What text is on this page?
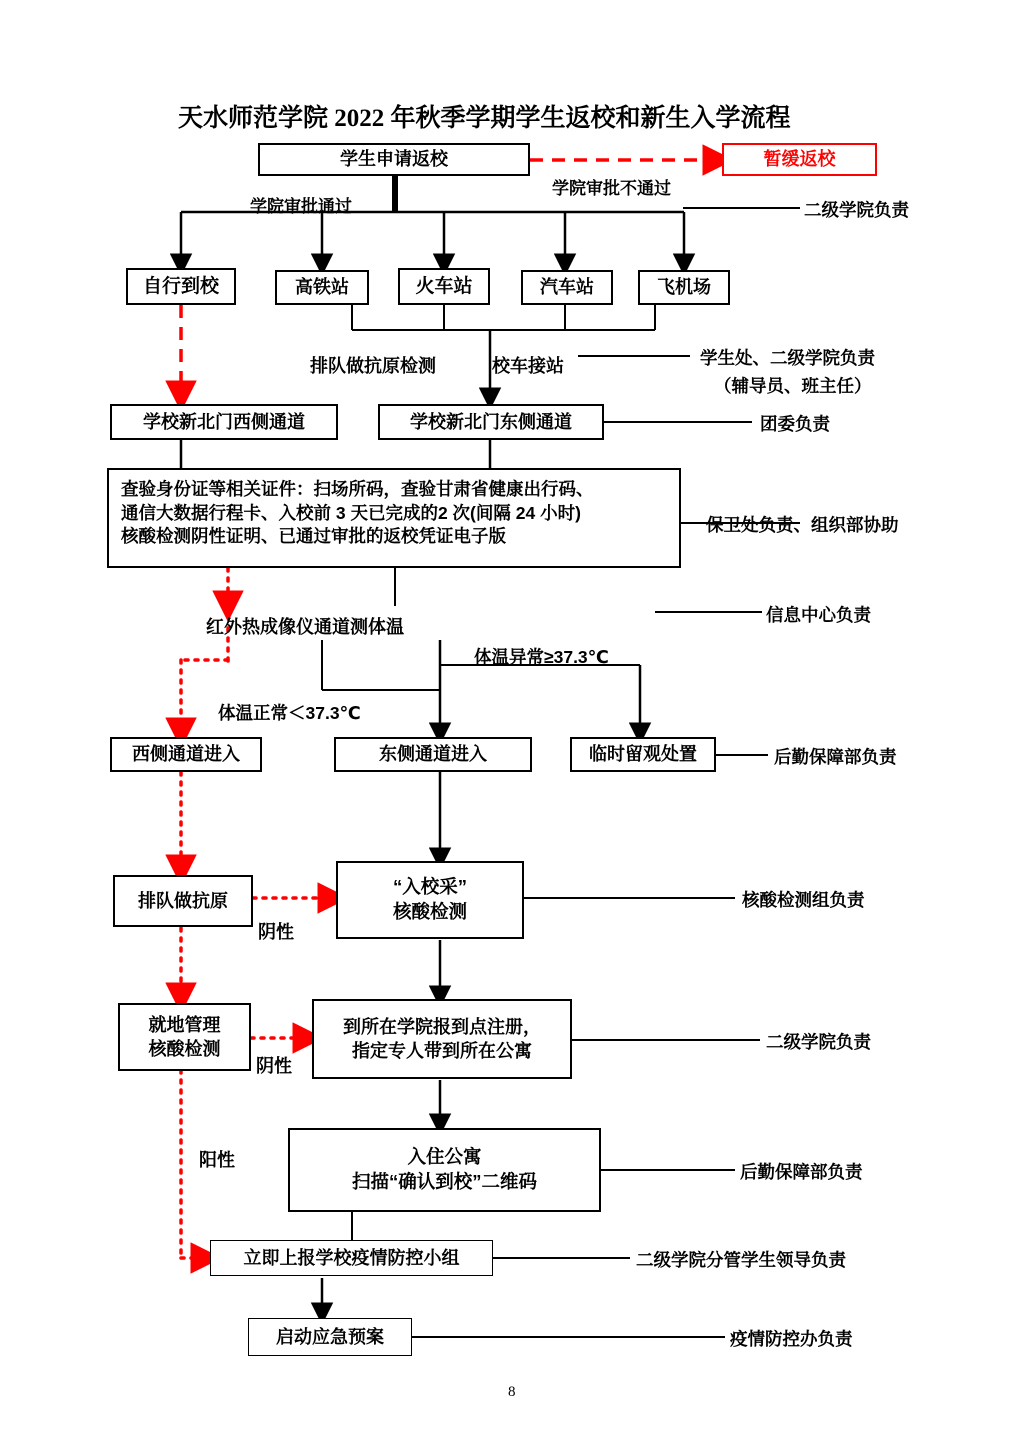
天水师范学院 2022 年秋季学期学生返校和新生入学流程
学生申请返校	暂缓返校
自行到校	高铁站	火车站	汽车站	飞机场
学校新北门西侧通道	学校新北门东侧通道
查验身份证等相关证件：扫场所码，查验甘肃省健康出行码、
通信大数据行程卡、入校前 3 天已完成的2 次(间隔 24 小时)
核酸检测阴性证明、已通过审批的返校凭证电子版
红外热成像仪通道测体温
西侧通道进入	东侧通道进入	临时留观处置
排队做抗原
“入校采”
核酸检测
就地管理
核酸检测
到所在学院报到点注册，
指定专人带到所在公寓
入住公寓
扫描“确认到校”二维码
立即上报学校疫情防控小组
启动应急预案
学院审批通过
学院审批不通过
排队做抗原检测	校车接站
体温异常≥37.3℃
体温正常＜37.3℃
阴性
阴性
阳性
二级学院负责
学生处、二级学院负责
（辅导员、班主任）
团委负责
保卫处负责、组织部协助
信息中心负责
后勤保障部负责
核酸检测组负责
二级学院负责
后勤保障部负责
二级学院分管学生领导负责
疫情防控办负责
8
